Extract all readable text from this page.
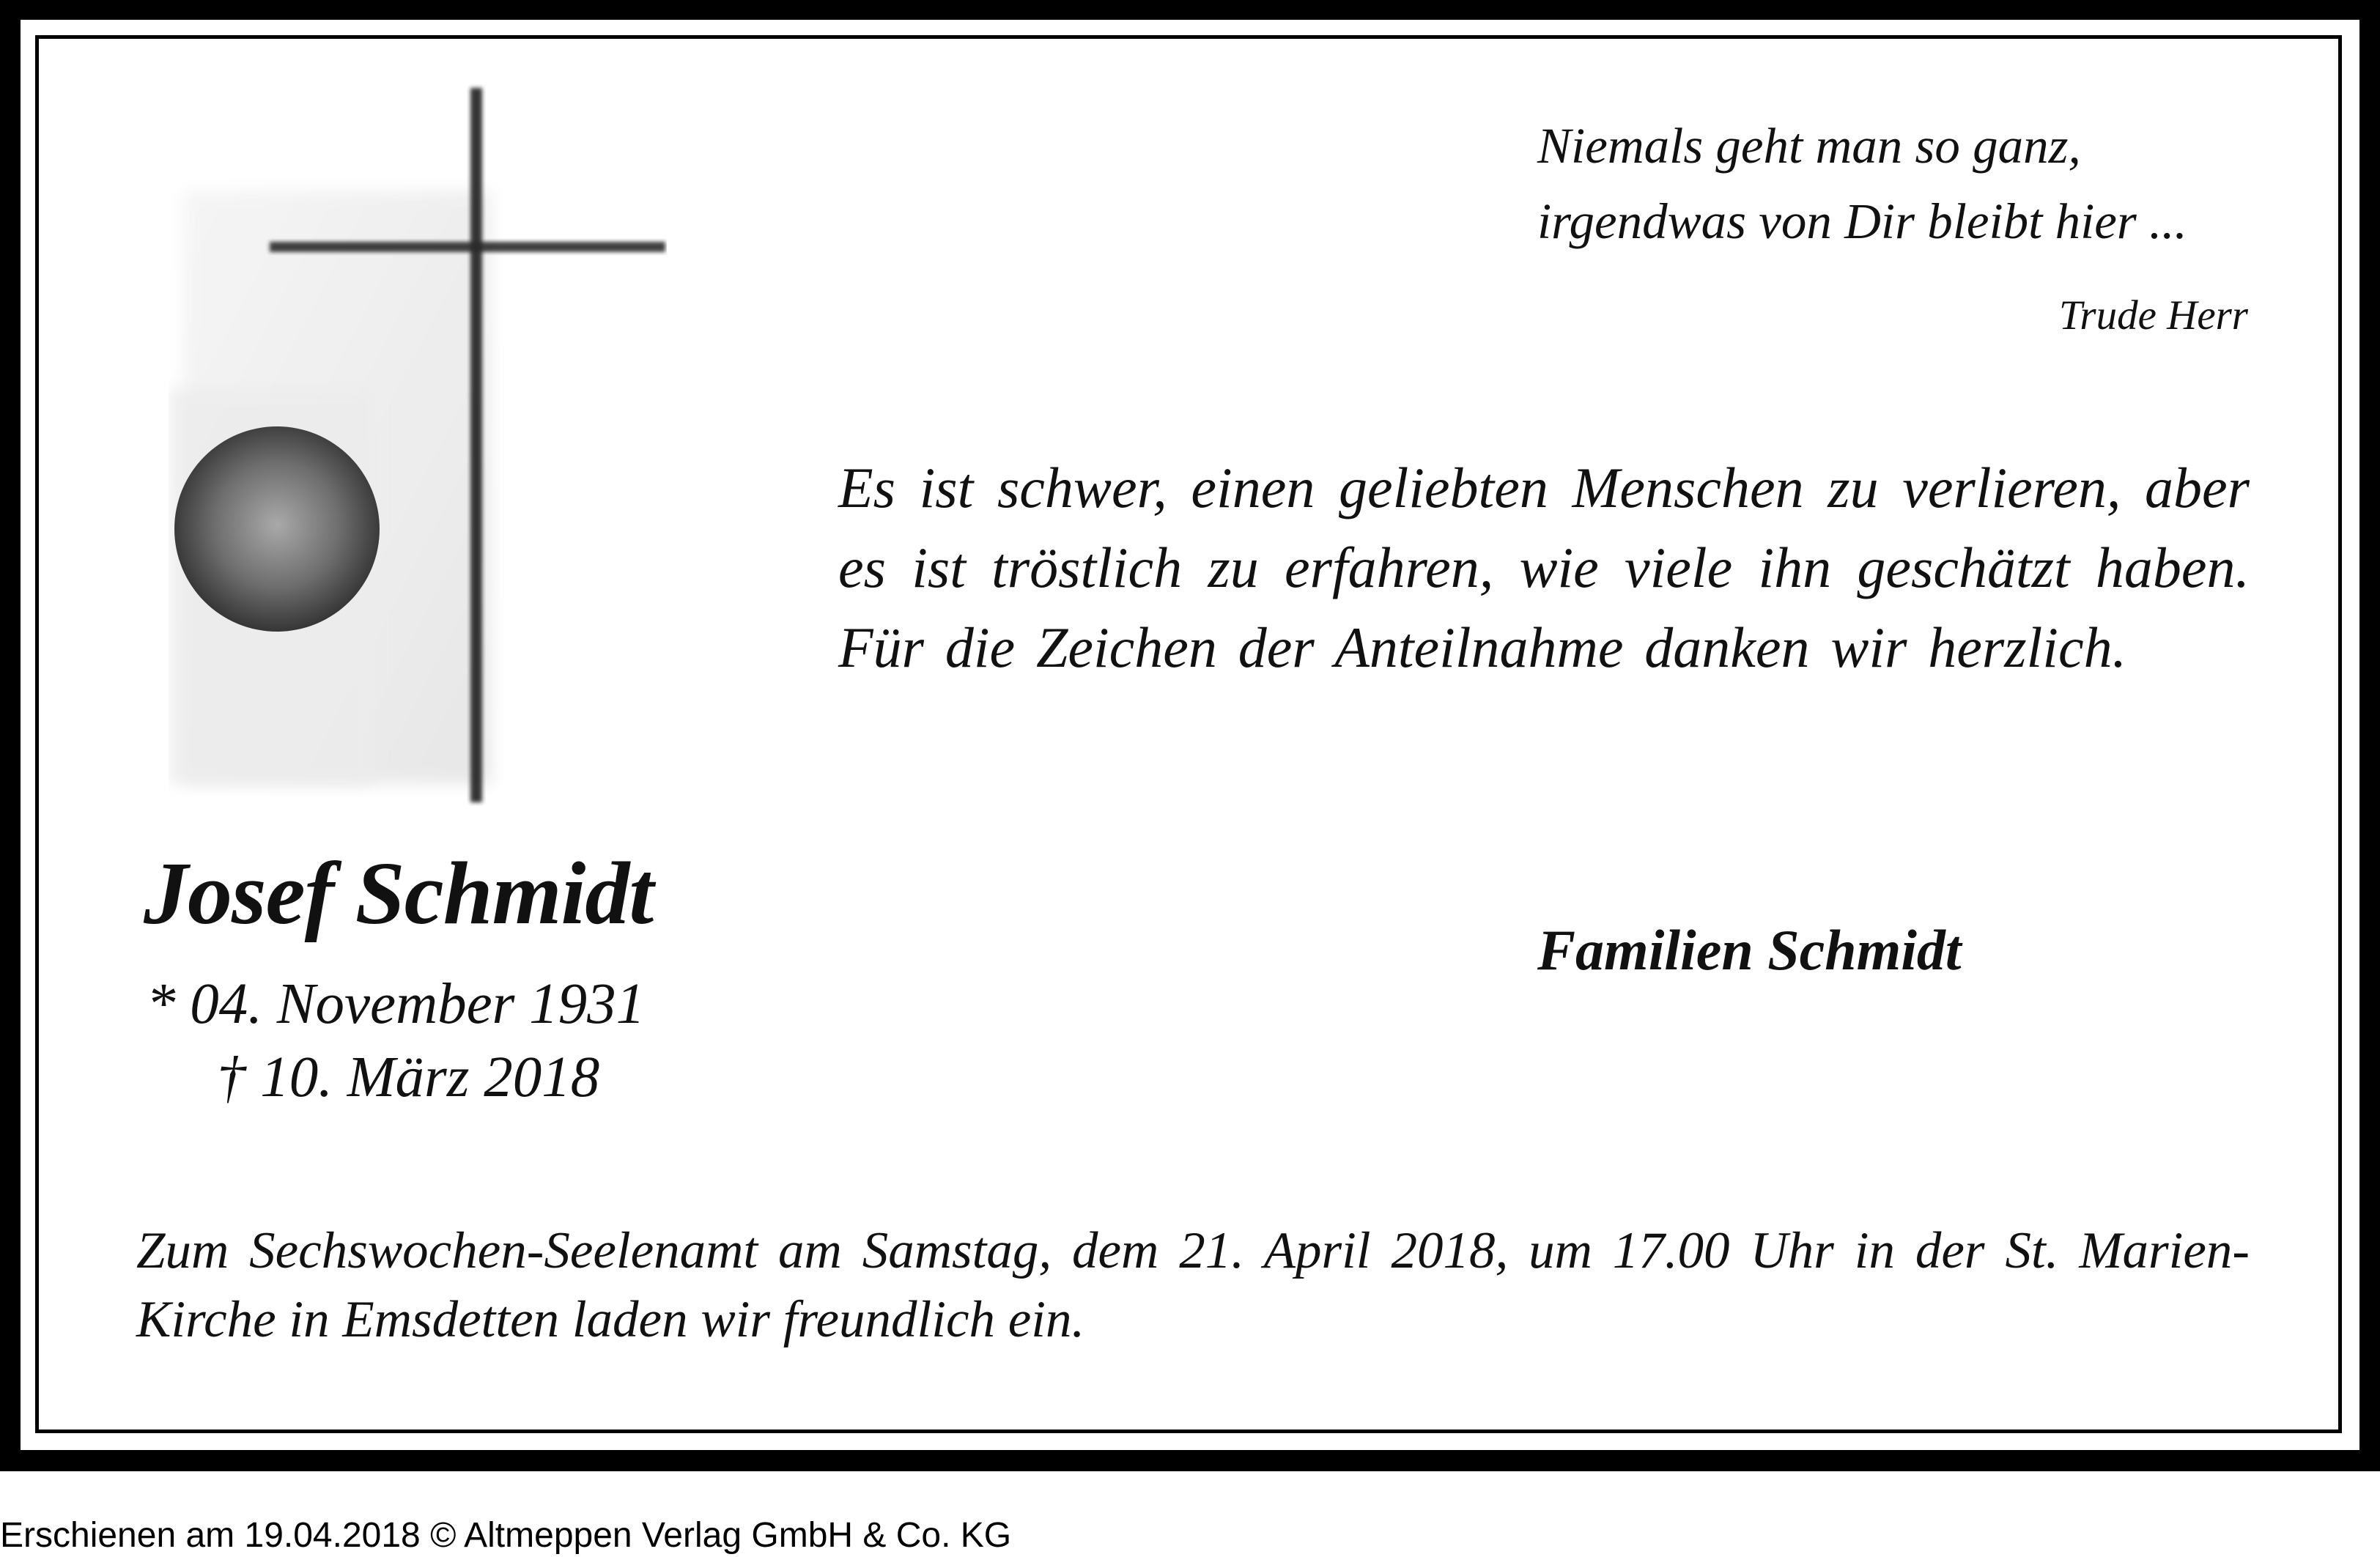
Niemals geht man so ganz,
irgendwas von Dir bleibt hier ...
Trude Herr
Es ist schwer, einen geliebten Menschen zu verlieren, aber es ist tröstlich zu erfahren, wie viele ihn geschätzt haben. Für die Zeichen der Anteilnahme danken wir herzlich.
Josef Schmidt
* 04. November 1931
† 10. März 2018
Familien Schmidt
Zum Sechswochen-Seelenamt am Samstag, dem 21. April 2018, um 17.00 Uhr in der St. Marien-Kirche in Emsdetten laden wir freundlich ein.
Erschienen am 19.04.2018 © Altmeppen Verlag GmbH & Co. KG
